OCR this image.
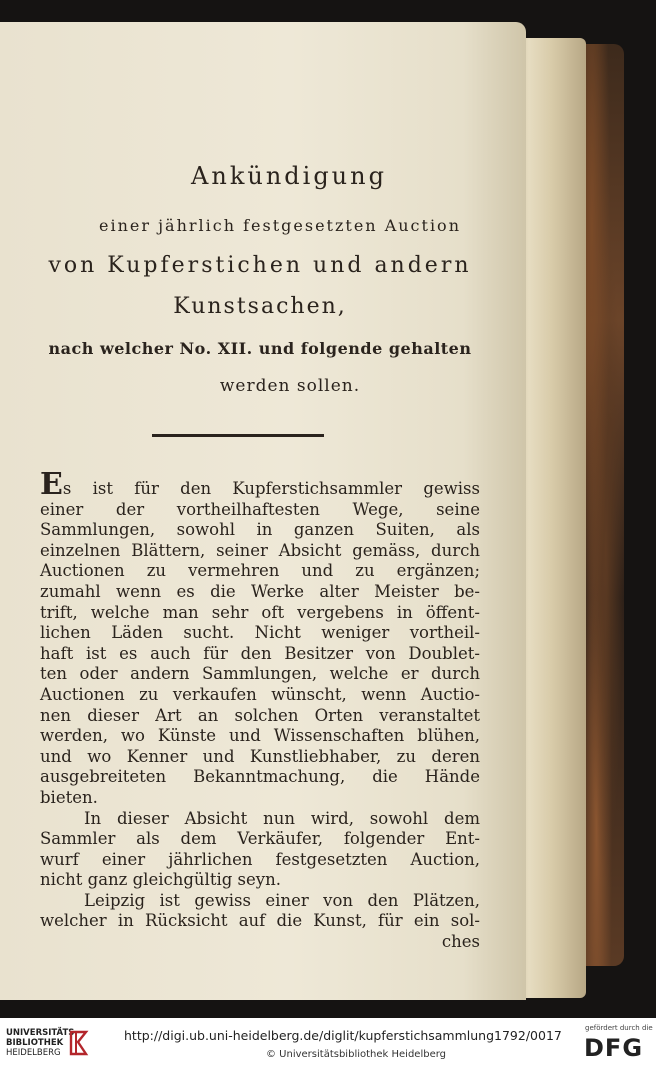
Ankündigung
einer jährlich festgesetzten Auction
von Kupferstichen und andern
Kunstsachen,
nach welcher No. XII. und folgende gehalten
werden sollen.
Es ist für den Kupferstichsammler gewiss
einer der vortheilhaftesten Wege, seine
Sammlungen, sowohl in ganzen Suiten, als
einzelnen Blättern, seiner Absicht gemäss, durch
Auctionen zu vermehren und zu ergänzen;
zumahl wenn es die Werke alter Meister be-
trift, welche man sehr oft vergebens in öffent-
lichen Läden sucht. Nicht weniger vortheil-
haft ist es auch für den Besitzer von Doublet-
ten oder andern Sammlungen, welche er durch
Auctionen zu verkaufen wünscht, wenn Auctio-
nen dieser Art an solchen Orten veranstaltet
werden, wo Künste und Wissenschaften blühen,
und wo Kenner und Kunstliebhaber, zu deren
ausgebreiteten Bekanntmachung, die Hände
bieten.
In dieser Absicht nun wird, sowohl dem
Sammler als dem Verkäufer, folgender Ent-
wurf einer jährlichen festgesetzten Auction,
nicht ganz gleichgültig seyn.
Leipzig ist gewiss einer von den Plätzen,
welcher in Rücksicht auf die Kunst, für ein sol-
ches
UNIVERSITÄTS-
BIBLIOTHEK
HEIDELBERG
http://digi.ub.uni-heidelberg.de/diglit/kupferstichsammlung1792/0017
© Universitätsbibliothek Heidelberg
gefördert durch die
DFG
